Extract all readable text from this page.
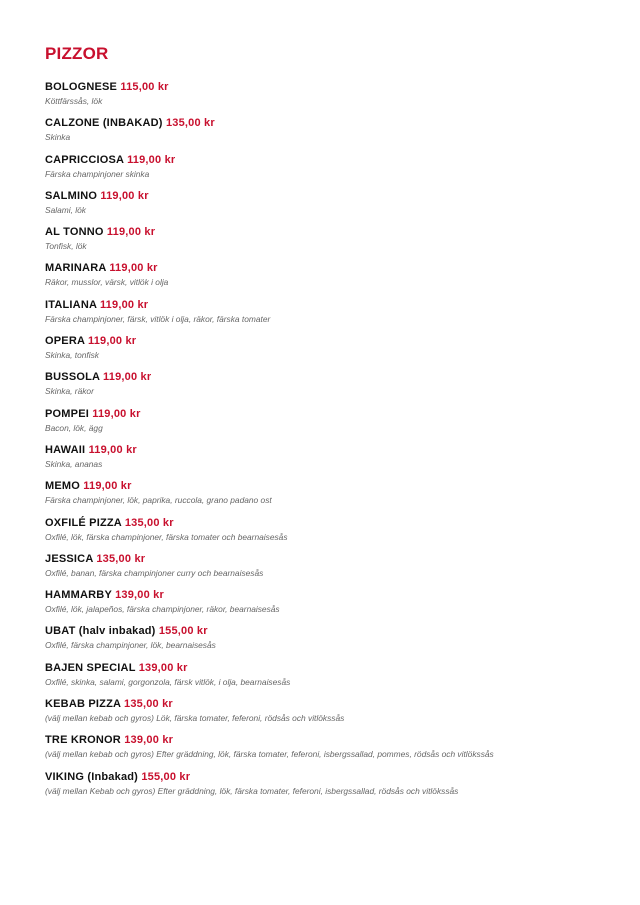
PIZZOR
BOLOGNESE 115,00 kr
Köttfärssås, lök
CALZONE (INBAKAD) 135,00 kr
Skinka
CAPRICCIOSA 119,00 kr
Färska champinjoner skinka
SALMINO 119,00 kr
Salami, lök
AL TONNO 119,00 kr
Tonfisk, lök
MARINARA 119,00 kr
Räkor, musslor, värsk, vitlök i olja
ITALIANA 119,00 kr
Färska champinjoner, färsk, vitlök i olja, räkor, färska tomater
OPERA 119,00 kr
Skinka, tonfisk
BUSSOLA 119,00 kr
Skinka, räkor
POMPEI 119,00 kr
Bacon, lök, ägg
HAWAII 119,00 kr
Skinka, ananas
MEMO 119,00 kr
Färska champinjoner, lök, paprika, ruccola, grano padano ost
OXFILÉ PIZZA 135,00 kr
Oxfilé, lök, färska champinjoner, färska tomater och bearnaisesås
JESSICA 135,00 kr
Oxfilé, banan, färska champinjoner curry och bearnaisesås
HAMMARBY 139,00 kr
Oxfilé, lök, jalapeños, färska champinjoner, räkor, bearnaisesås
UBAT (halv inbakad) 155,00 kr
Oxfilé, färska champinjoner, lök, bearnaisesås
BAJEN SPECIAL 139,00 kr
Oxfilé, skinka, salami, gorgonzola, färsk vitlök, i olja, bearnaisesås
KEBAB PIZZA 135,00 kr
(välj mellan kebab och gyros) Lök, färska tomater, feferoni, rödsås och vitlökssås
TRE KRONOR 139,00 kr
(välj mellan kebab och gyros) Efter gräddning, lök, färska tomater, feferoni, isbergssallad, pommes, rödsås och vitlökssås
VIKING (Inbakad) 155,00 kr
(välj mellan Kebab och gyros) Efter gräddning, lök, färska tomater, feferoni, isbergssallad, rödsås och vitlökssås
